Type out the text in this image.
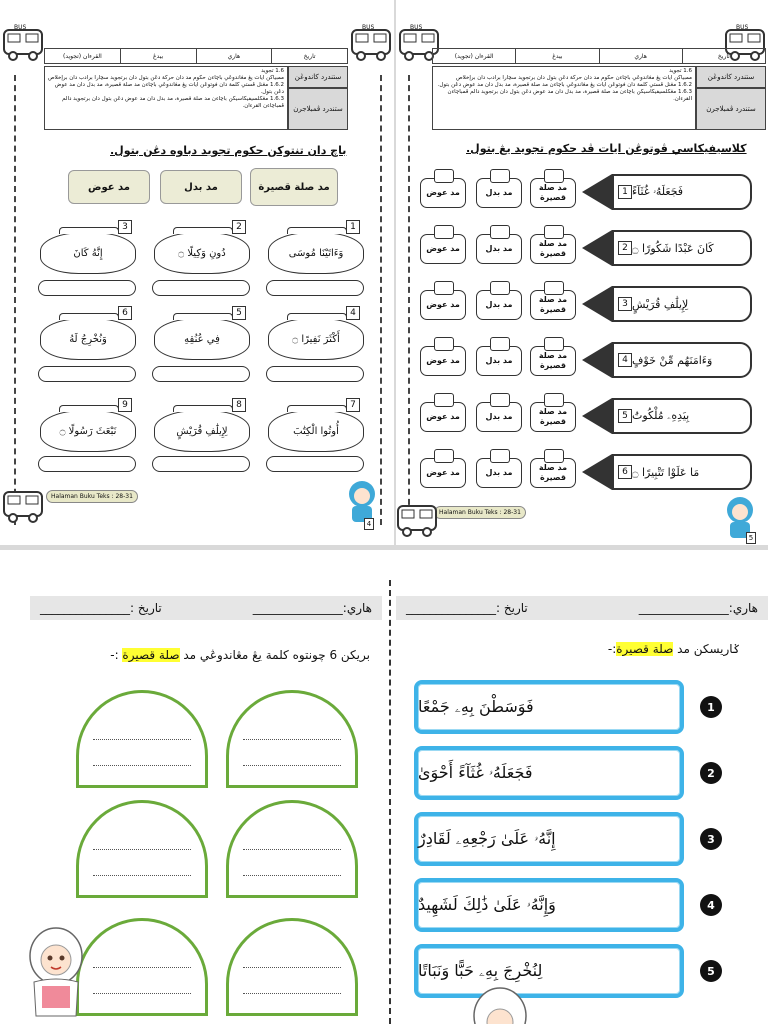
BUS	BUS
القرءان (تجويد)	بيدڠ	هاري	تاريخ
1.6 تجويد
ممبياكن ايات يڠ مڠاندوڠي باچاءن حكوم مد دان حركة دڠن بتول دان برتجويد سچارا برادب دان برإخلاص
1.6.2 مڠنل ڤستي كلمة دان فوتوڠن ايات يڠ مڠاندوڠي باچاءن مد صلة قصيرة، مد بدل دان مد عوض دڠن بتول.
1.6.3 مڠكلسيفيكاسيكن باچاءن مد صلة قصيرة، مد بدل دان مد عوض دڠن بتول دان برتجويد دالم ڤمباچاءن القرءان.
ستندرد كاندوڠن
ستندرد ڤمبلاجرن
باچ دان تنتوكن حكوم تجويد دباوه دڠن بتول.
مد صلة قصيرة
مد بدل
مد عوض
وَءَاتَيْنَا مُوسَى
1
دُونِ وَكِيلًا ۝
2
إِنَّهُ كَانَ
3
أَكْثَرَ نَفِيرًا ۝
4
فِي عُنُقِهِ
5
وَنُخْرِجُ لَهُ
6
أُوتُوا الْكِتَٰبَ
7
لِإِيلَٰفِ قُرَيْشٍ
8
نَبْعَثَ رَسُولًا ۝
9
Halaman Buku Teks : 28-31
4
BUS	BUS
القرءان (تجويد)	بيدڠ	هاري	تاريخ
1.6 تجويد
ممبياكن ايات يڠ مڠاندوڠي باچاءن حكوم مد دان حركة دڠن بتول دان برتجويد سچارا برادب دان برإخلاص
1.6.2 مڠنل ڤستي كلمة دان فوتوڠن ايات يڠ مڠاندوڠي باچاءن مد صلة قصيرة، مد بدل دان مد عوض دڠن بتول.
1.6.3 مڠكلسيفيكاسيكن باچاءن مد صلة قصيرة، مد بدل دان مد عوض دڠن بتول دان برتجويد دالم ڤمباچاءن القرءان.
ستندرد كاندوڠن
ستندرد ڤمبلاجرن
كلاسيفيكاسي ڤوتوڠن ايات ڤد حكوم تجويد يڠ بتول.
Halaman Buku Teks : 28-31
5
فَجَعَلَهُۥ غُثَآءً
1
مد صلة قصيرة
مد بدل
مد عوض
كَانَ عَبْدًا شَكُورًا ۝
2
مد صلة قصيرة
مد بدل
مد عوض
لِإِيلَٰفِ قُرَيْشٍ
3
مد صلة قصيرة
مد بدل
مد عوض
وَءَامَنَهُم مِّنْ خَوْفٍ
4
مد صلة قصيرة
مد بدل
مد عوض
بِيَدِهِۦ مُلْكُوتُ
5
مد صلة قصيرة
مد بدل
مد عوض
مَا عَلَوْا تَتْبِيرًا ۝
6
مد صلة قصيرة
مد بدل
مد عوض
هاري:_______________
تاريخ :_______________
بريكن 6 چونتوه كلمة يڠ مڠاندوڠي مد صلة قصيرة :-
هاري:_______________
تاريخ :_______________
ݢاريسكن مد صلة قصيرة:-
فَوَسَطْنَ بِهِۦ جَمْعًا	1
فَجَعَلَهُۥ غُثَآءً أَحْوَىٰ	2
إِنَّهُۥ عَلَىٰ رَجْعِهِۦ لَقَادِرٌ	3
وَإِنَّهُۥ عَلَىٰ ذَٰلِكَ لَشَهِيدٌ	4
لِنُخْرِجَ بِهِۦ حَبًّا وَنَبَاتًا	5
